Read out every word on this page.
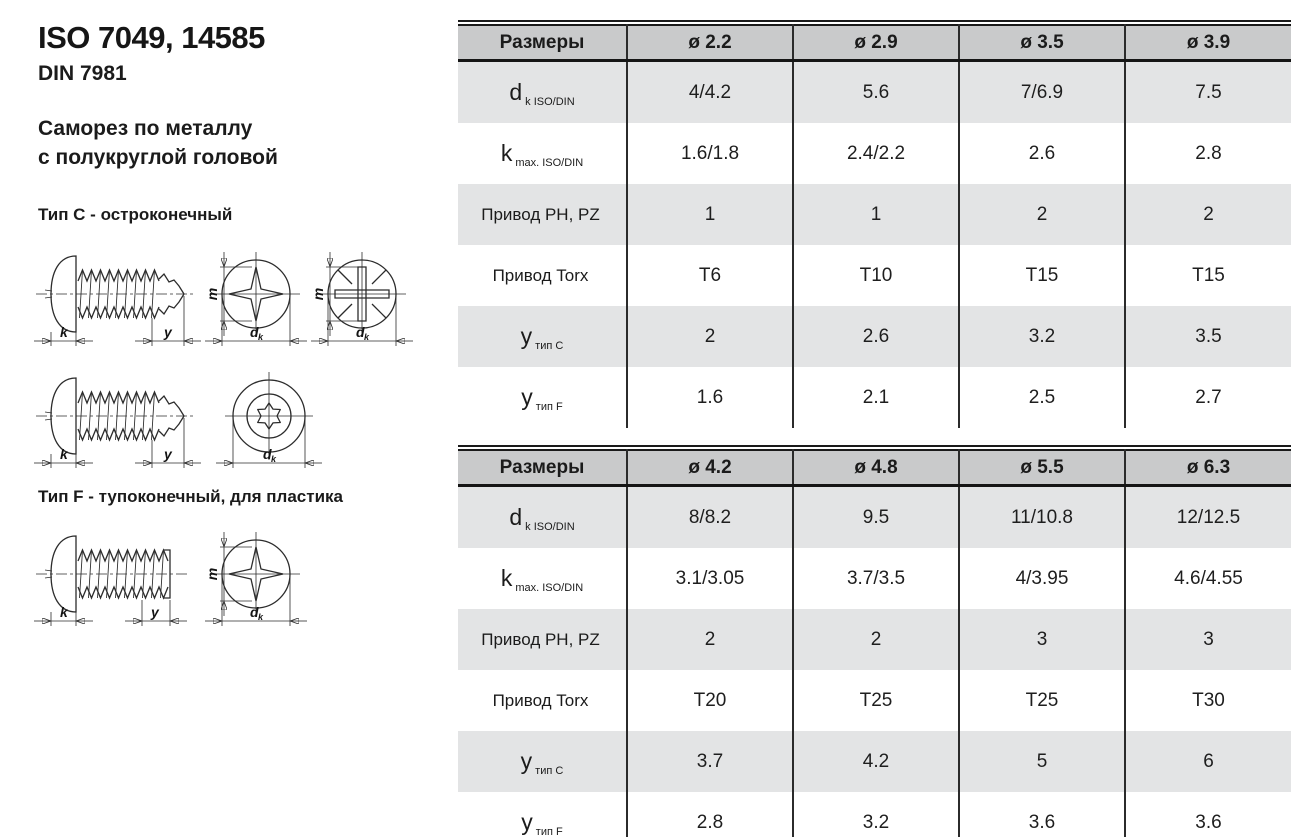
ISO 7049, 14585
DIN 7981
Саморез по металлу
с полукруглой головой
Тип C - остроконечный
Тип F - тупоконечный, для пластика
k	y
m
d k
m
d k
k	y	d k
k	y
m
d k
Размеры	ø 2.2	ø 2.9	ø 3.5	ø 3.9
d $_{k ISO/DIN}$	4/4.2	5.6	7/6.9	7.5
k $_{max. ISO/DIN}$	1.6/1.8	2.4/2.2	2.6	2.8
Привод PH, PZ	1	1	2	2
Привод Torx	T6	T10	T15	T15
y $_{тип C}$	2	2.6	3.2	3.5
y $_{тип F}$	1.6	2.1	2.5	2.7
Размеры	ø 4.2	ø 4.8	ø 5.5	ø 6.3
d $_{k ISO/DIN}$	8/8.2	9.5	11/10.8	12/12.5
k $_{max. ISO/DIN}$	3.1/3.05	3.7/3.5	4/3.95	4.6/4.55
Привод PH, PZ	2	2	3	3
Привод Torx	T20	T25	T25	T30
y $_{тип C}$	3.7	4.2	5	6
y $_{тип F}$	2.8	3.2	3.6	3.6
